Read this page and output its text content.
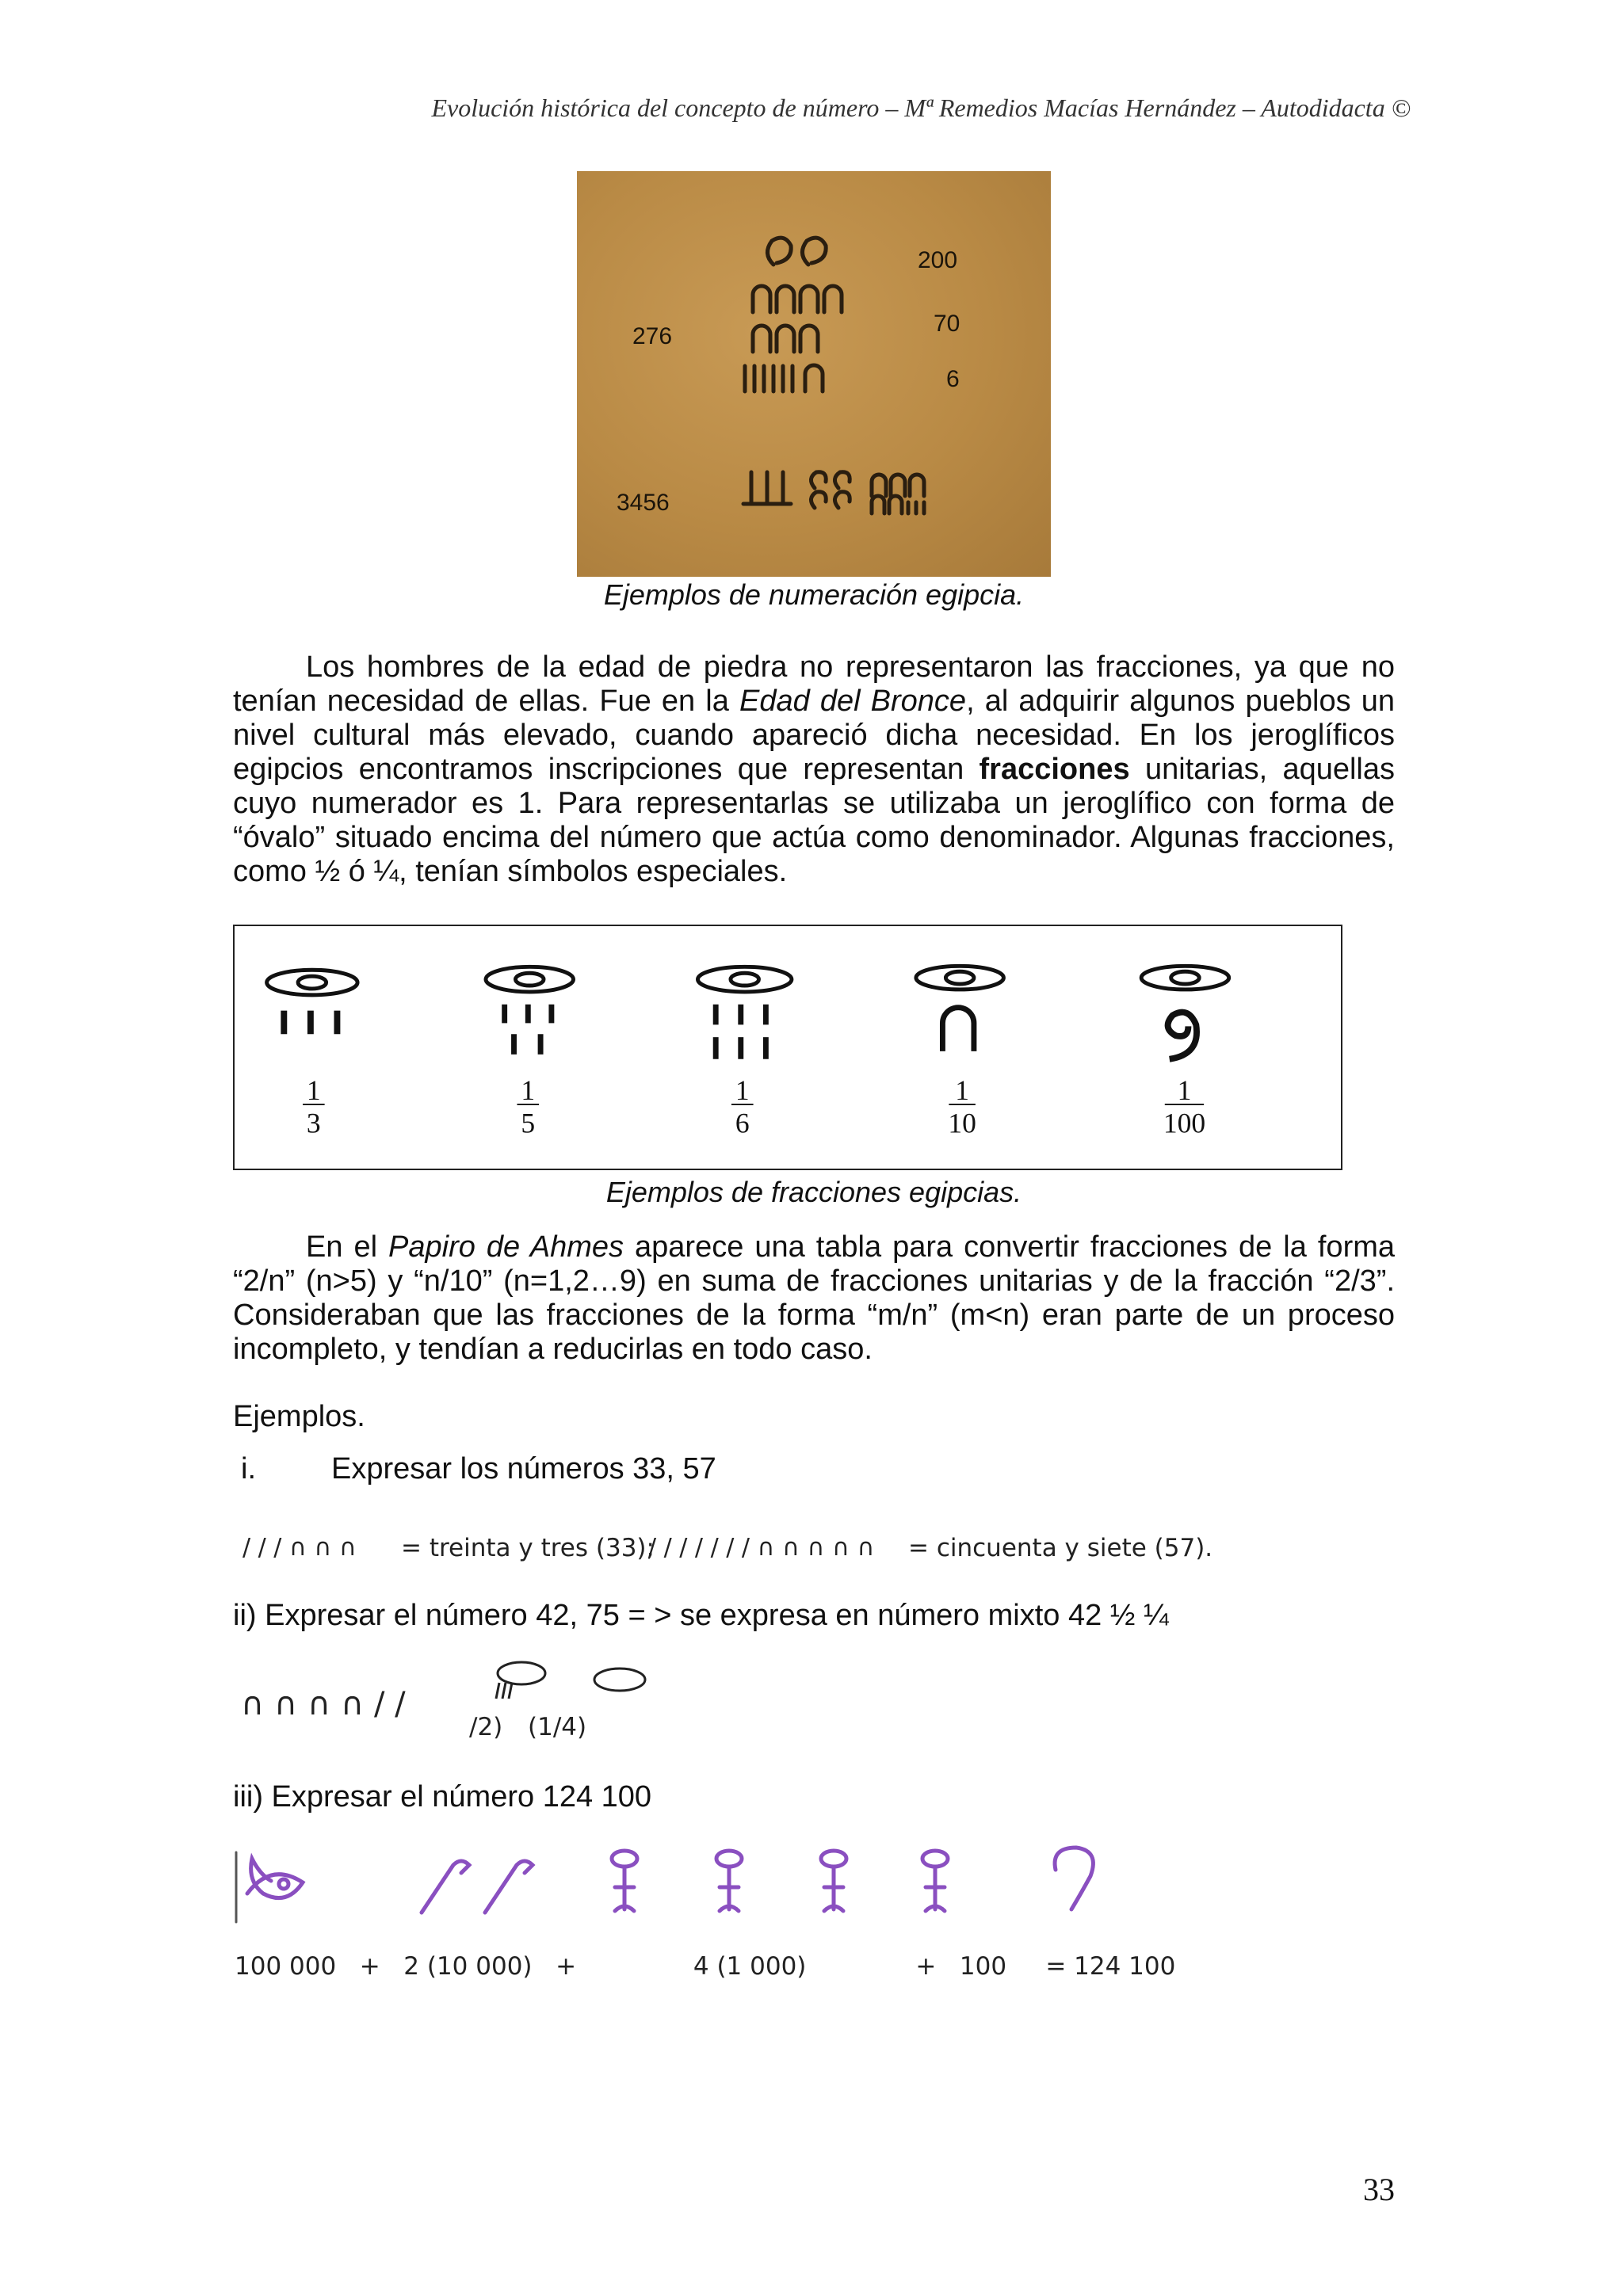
Evolución histórica del concepto de número – Mª Remedios Macías Hernández – Autodidacta ©
276
200
70
6
3456
Ejemplos de numeración egipcia.

Los hombres de la edad de piedra no representaron las fracciones, ya que no tenían necesidad de ellas. Fue en la Edad del Bronce, al adquirir algunos pueblos un nivel cultural más elevado, cuando apareció dicha necesidad. En los jeroglíficos egipcios encontramos inscripciones que representan fracciones unitarias, aquellas cuyo numerador es 1. Para representarlas se utilizaba un jeroglífico con forma de “óvalo” situado encima del número que actúa como denominador. Algunas fracciones, como ½ ó ¼, tenían símbolos especiales.

1
3
1
5
1
6
1
10
1
100
Ejemplos de fracciones egipcias.

En el Papiro de Ahmes aparece una tabla para convertir fracciones de la forma “2/n” (n>5) y “n/10” (n=1,2…9) en suma de fracciones unitarias y de la fracción “2/3”. Consideraban que las fracciones de la forma “m/n” (m<n) eran parte de un proceso incompleto, y tendían a reducirlas en todo caso.

Ejemplos.
i.	Expresar los números 33, 57
/ / / ∩ ∩ ∩ = treinta y tres (33);
/ / / / / / / ∩ ∩ ∩ ∩ ∩ = cincuenta y siete (57).
ii) Expresar el número 42, 75 = > se expresa en número mixto 42 ½ ¼
∩ ∩ ∩ ∩ / /
/2) (1/4)
iii) Expresar el número 124 100
100 000   +   2 (10 000)   +               4 (1 000)              +   100     = 124 100
33
